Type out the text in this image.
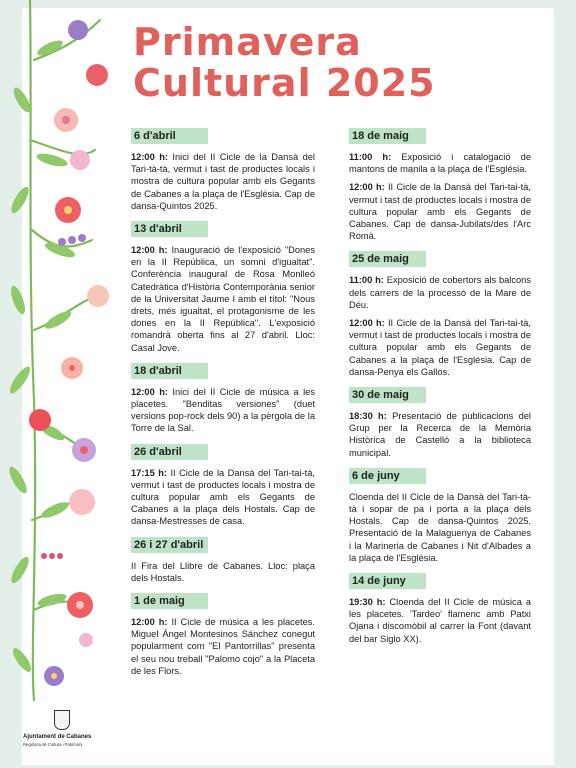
Primavera
Cultural 2025
6 d'abril

12:00 h: Inici del II Cicle de la Dansà del Tari-tà-tà, vermut i tast de productes locals i mostra de cultura popular amb els Gegants de Cabanes a la plaça de l'Església. Cap de dansa-Quintos 2025.

13 d'abril

12:00 h: Inauguració de l'exposició "Dones en la II República, un somni d'igualtat". Conferència inaugural de Rosa Monlleó Catedràtica d'Història Contemporània senior de la Universitat Jaume I amb el títol: "Nous drets, més igualtat, el protagonisme de les dones en la II República". L'exposició romandrà oberta fins al 27 d'abril. Lloc: Casal Jove.

18 d'abril

12:00 h: Inici del II Cicle de música a les placetes. "Benditas versiones" (duet versions pop-rock dels 90) a la pèrgola de la Torre de la Sal.

26 d'abril

17:15 h: II Cicle de la Dansà del Tari-tai-tà, vermut i tast de productes locals i mostra de cultura popular amb els Gegants de Cabanes a la plaça dels Hostals. Cap de dansa-Mestresses de casa.

26 i 27 d'abril

II Fira del Llibre de Cabanes. Lloc: plaça dels Hostals.

1 de maig

12:00 h: II Cicle de música a les placetes. Miguel Ángel Montesinos Sánchez conegut popularment com "El Pantorrillas" presenta el seu nou treball "Palomo cojo" a la Placeta de les Flors.

18 de maig

11:00 h: Exposició i catalogació de mantons de manila a la plaça de l'Església.

12:00 h: II Cicle de la Dansà del Tari-tai-tà, vermut i tast de productes locals i mostra de cultura popular amb els Gegants de Cabanes. Cap de dansa-Jubilats/des l'Arc Romà.

25 de maig

11:00 h: Exposició de cobertors als balcons dels carrers de la processó de la Mare de Déu.

12:00 h: II Cicle de la Dansà del Tari-tai-tà, vermut i tast de productes locals i mostra de cultura popular amb els Gegants de Cabanes a la plaça de l'Església. Cap de dansa-Penya els Gallos.

30 de maig

18:30 h: Presentació de publicacions del Grup per la Recerca de la Memòria Històrica de Castelló a la biblioteca municipal.

6 de juny

Cloenda del II Cicle de la Dansà del Tari-tà-tà i sopar de pa i porta a la plaça dels Hostals. Cap de dansa-Quintos 2025. Presentació de la Malaguenya de Cabanes i la Marineria de Cabanes i Nit d'Albades a la plaça de l'Església.

14 de juny

19:30 h: Cloenda del II Cicle de música a les placetes. 'Tardeo' flamenc amb Patxi Ojana i discomòbil al carrer la Font (davant del bar Siglo XX).

Ajuntament de Cabanes
Regidoria de Cultura i Patrimoni
